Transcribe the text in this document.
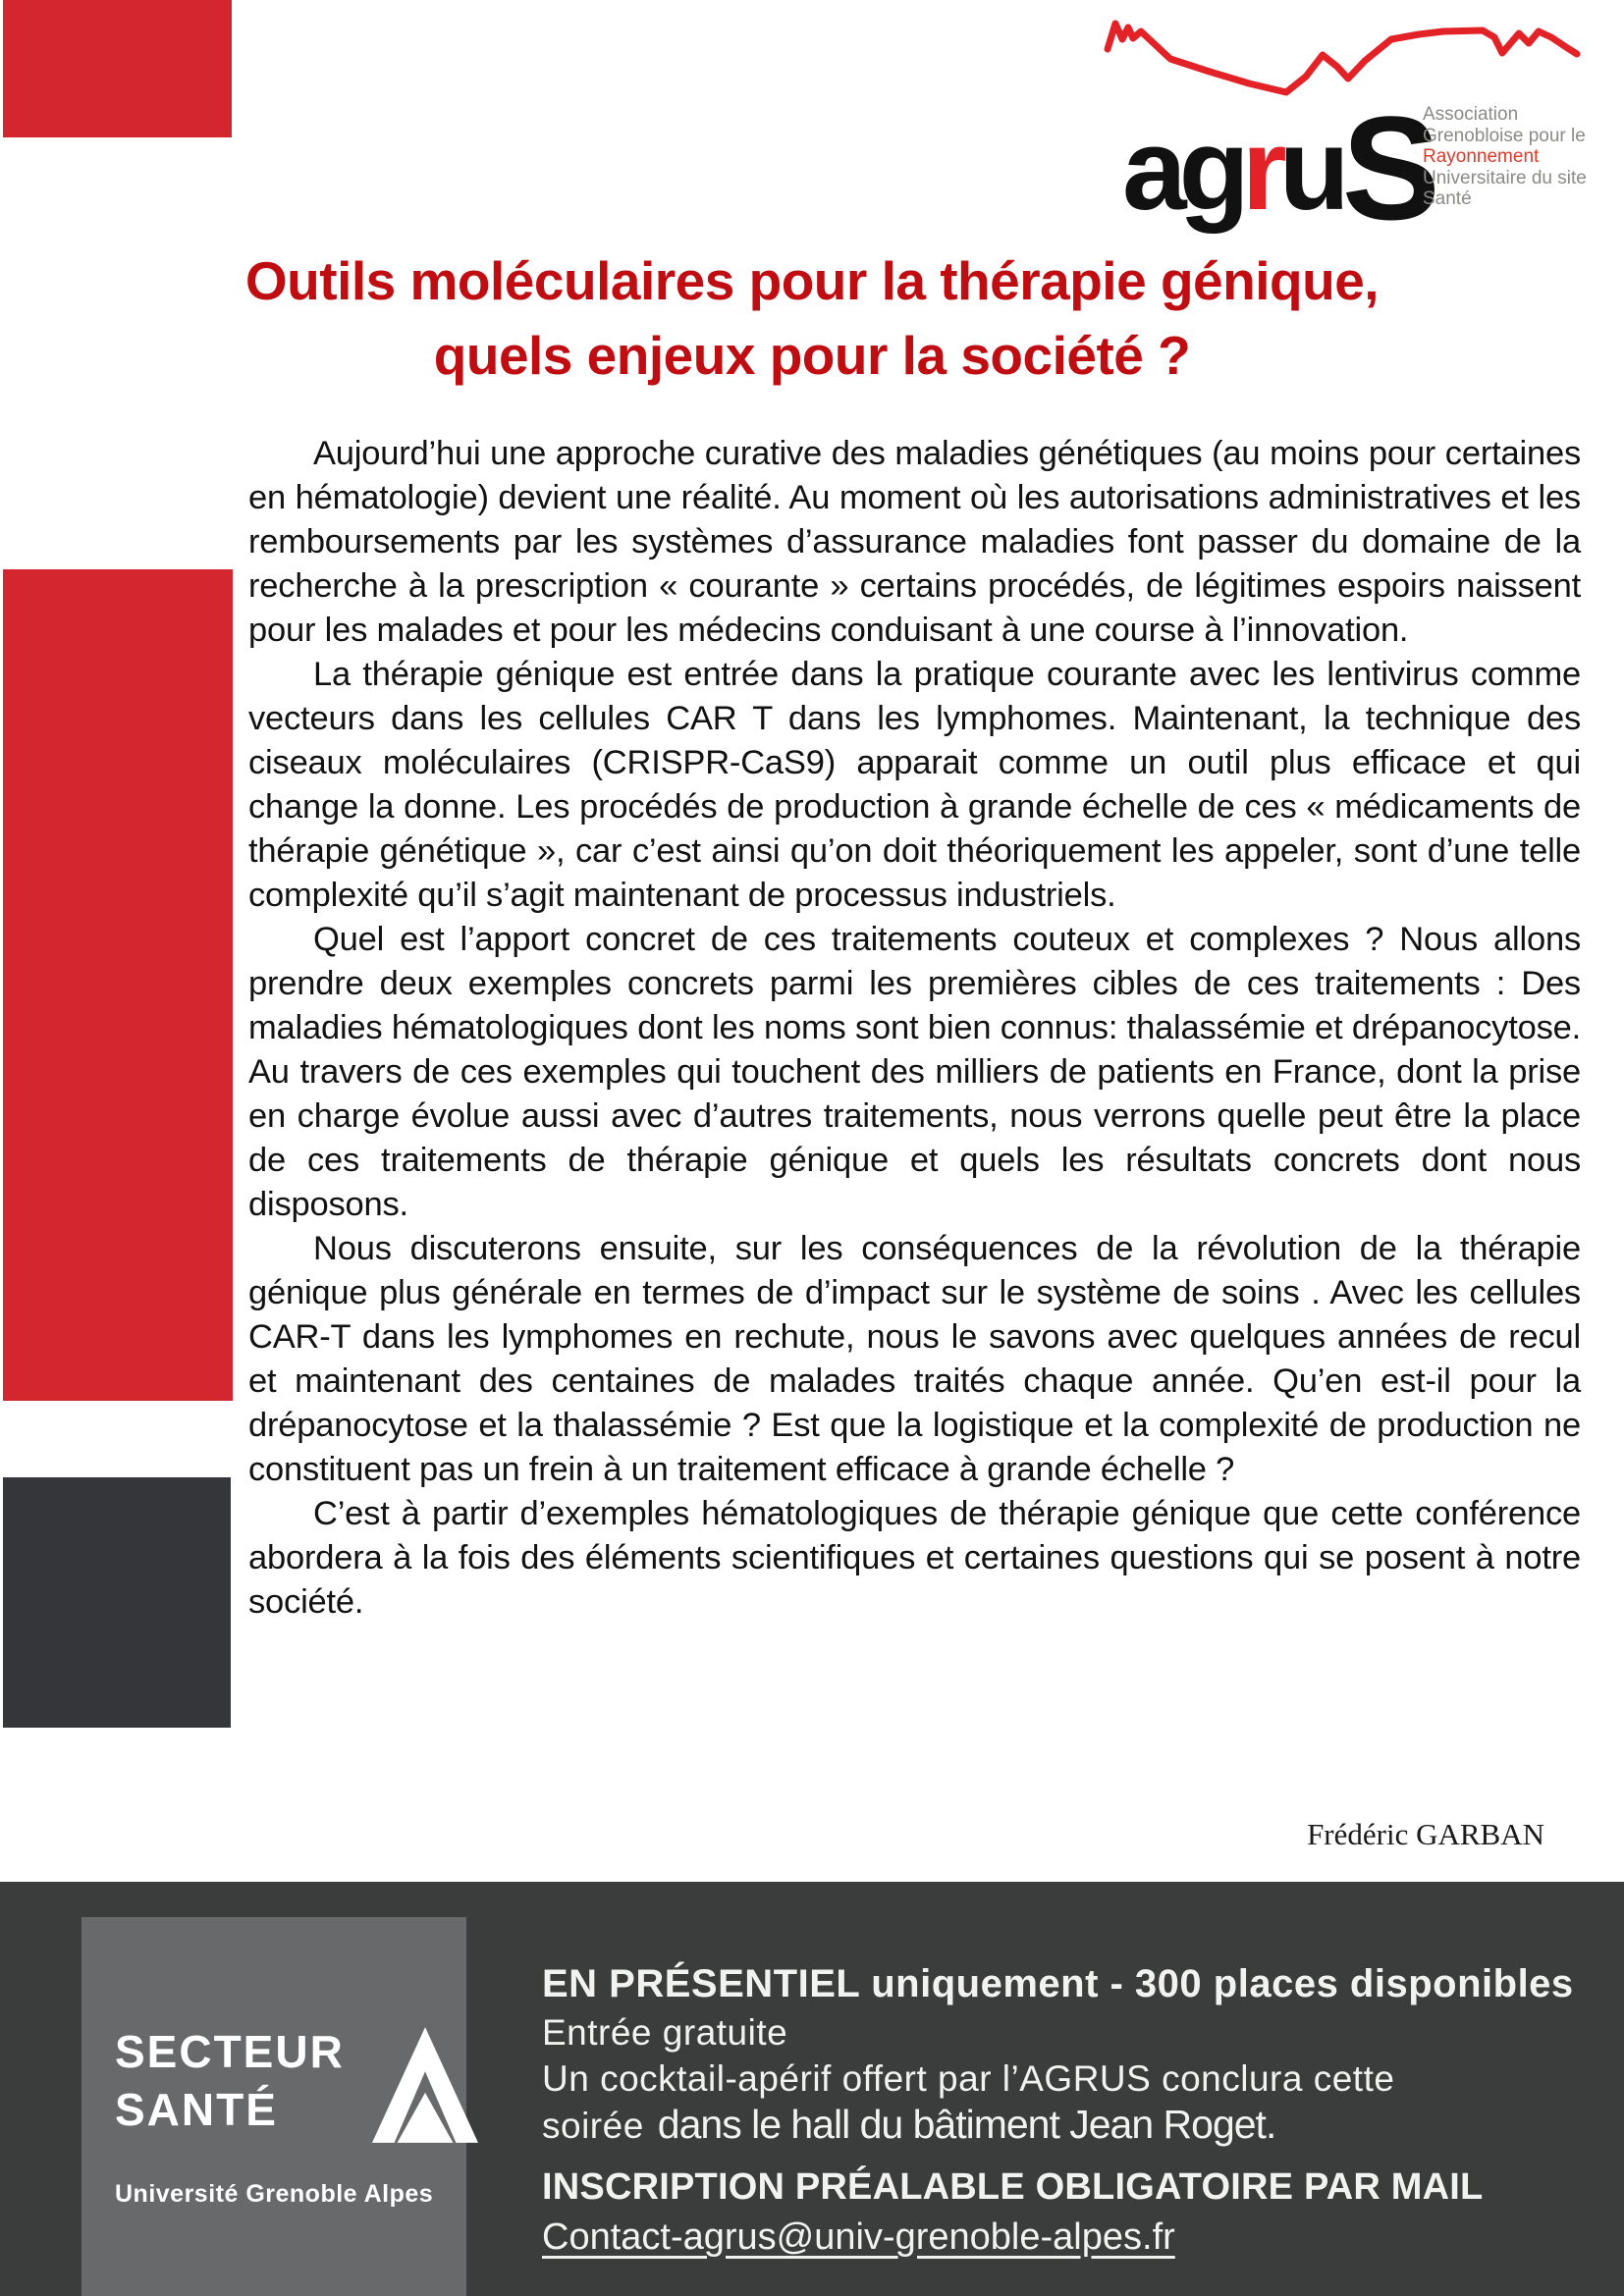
ag r u S
Association
Grenobloise pour le
Rayonnement
Universitaire du site
Santé
Outils moléculaires pour la thérapie génique,
quels enjeux pour la société ?

Aujourd’hui une approche curative des maladies génétiques (au moins pour certaines en hématologie) devient une réalité. Au moment où les autorisations administratives et les remboursements par les systèmes d’assurance maladies font passer du domaine de la recherche à la prescription « courante » certains procédés, de légitimes espoirs naissent pour les malades et pour les médecins conduisant à une course à l’innovation.

La thérapie génique est entrée dans la pratique courante avec les lentivirus comme vecteurs dans les cellules CAR T dans les lymphomes. Maintenant, la technique des ciseaux moléculaires (CRISPR-CaS9) apparait comme un outil plus efficace et qui change la donne. Les procédés de production à grande échelle de ces « médicaments de thérapie génétique », car c’est ainsi qu’on doit théoriquement les appeler, sont d’une telle complexité qu’il s’agit maintenant de processus industriels.

Quel est l’apport concret de ces traitements couteux et complexes ? Nous allons prendre deux exemples concrets parmi les premières cibles de ces traitements : Des maladies hématologiques dont les noms sont bien connus: thalassémie et drépanocytose. Au travers de ces exemples qui touchent des milliers de patients en France, dont la prise en charge évolue aussi avec d’autres traitements, nous verrons quelle peut être la place de ces traitements de thérapie génique et quels les résultats concrets dont nous disposons.

Nous discuterons ensuite, sur les conséquences de la révolution de la thérapie génique plus générale en termes de d’impact sur le système de soins . Avec les cellules CAR-T dans les lymphomes en rechute, nous le savons avec quelques années de recul et maintenant des centaines de malades traités chaque année. Qu’en est-il pour la drépanocytose et la thalassémie ? Est que la logistique et la complexité de production ne constituent pas un frein à un traitement efficace à grande échelle ?

C’est à partir d’exemples hématologiques de thérapie génique que cette conférence abordera à la fois des éléments scientifiques et certaines questions qui se posent à notre société.

Frédéric GARBAN
SECTEUR
SANTÉ
Université Grenoble Alpes
EN PRÉSENTIEL uniquement - 300 places disponibles
Entrée gratuite
Un cocktail-apérif offert par l’AGRUS conclura cette
soirée dans le hall du bâtiment Jean Roget.
INSCRIPTION PRÉALABLE OBLIGATOIRE PAR MAIL
Contact-agrus@univ-grenoble-alpes.fr
